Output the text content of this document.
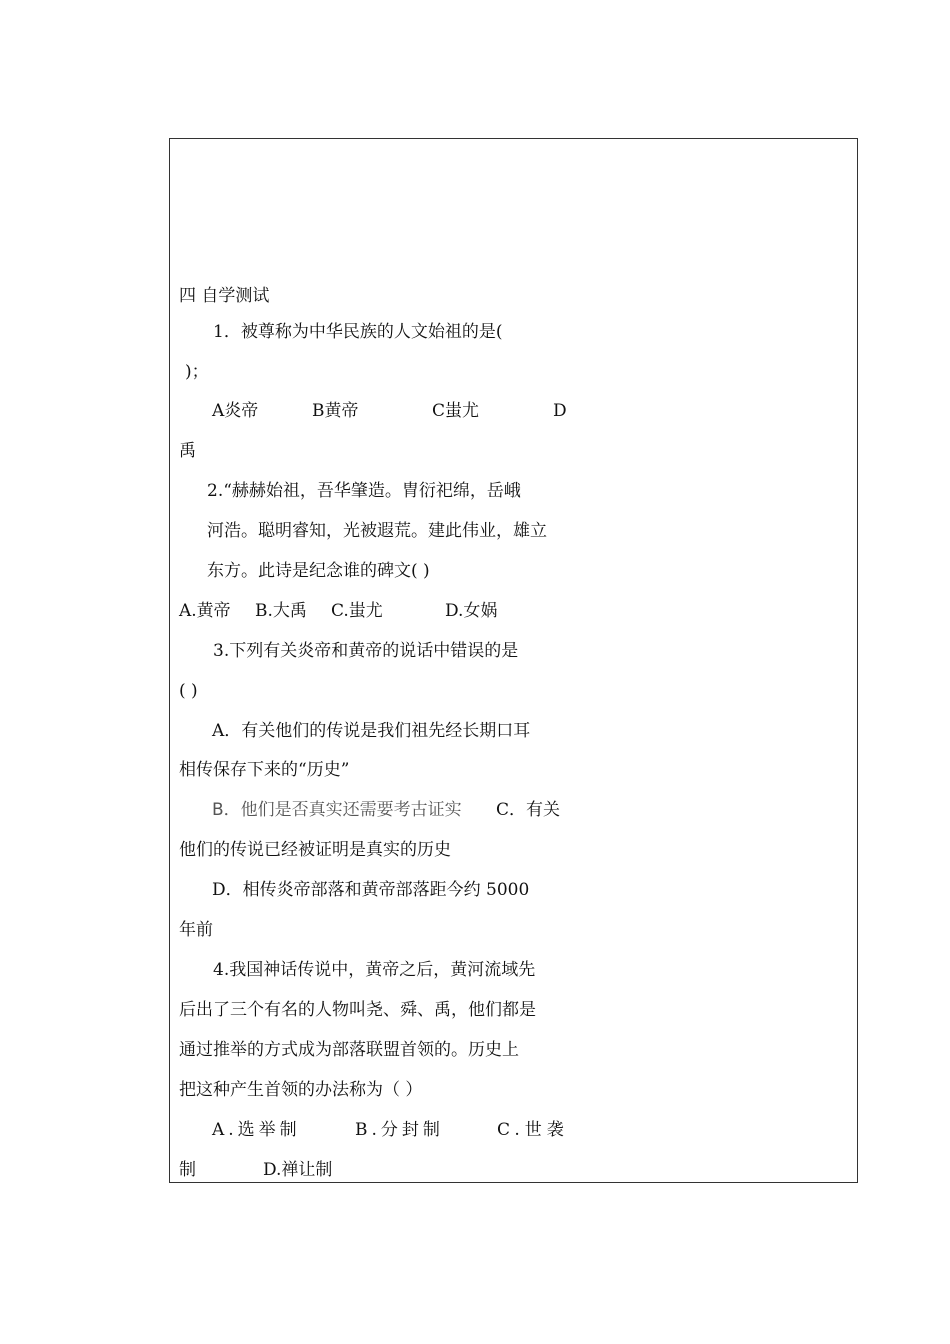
四 自学测试
1．被尊称为中华民族的人文始祖的是(
)；
A炎帝	B黄帝	C蚩尤	D
禹
2.“赫赫始祖，吾华肇造。胄衍祀绵，岳峨
河浩。聪明睿知，光被遐荒。建此伟业，雄立
东方。此诗是纪念谁的碑文( )
A.黄帝 B.大禹 C.蚩尤	D.女娲
3.下列有关炎帝和黄帝的说话中错误的是
( )
A．有关他们的传说是我们祖先经长期口耳
相传保存下来的“历史”
B．他们是否真实还需要考古证实 C．有关
他们的传说已经被证明是真实的历史
D．相传炎帝部落和黄帝部落距今约 5000
年前
4.我国神话传说中，黄帝之后，黄河流域先
后出了三个有名的人物叫尧、舜、禹，他们都是
通过推举的方式成为部落联盟首领的。历史上
把这种产生首领的办法称为（ ）
A.选举制	B.分封制	C.世袭
制	D.禅让制
